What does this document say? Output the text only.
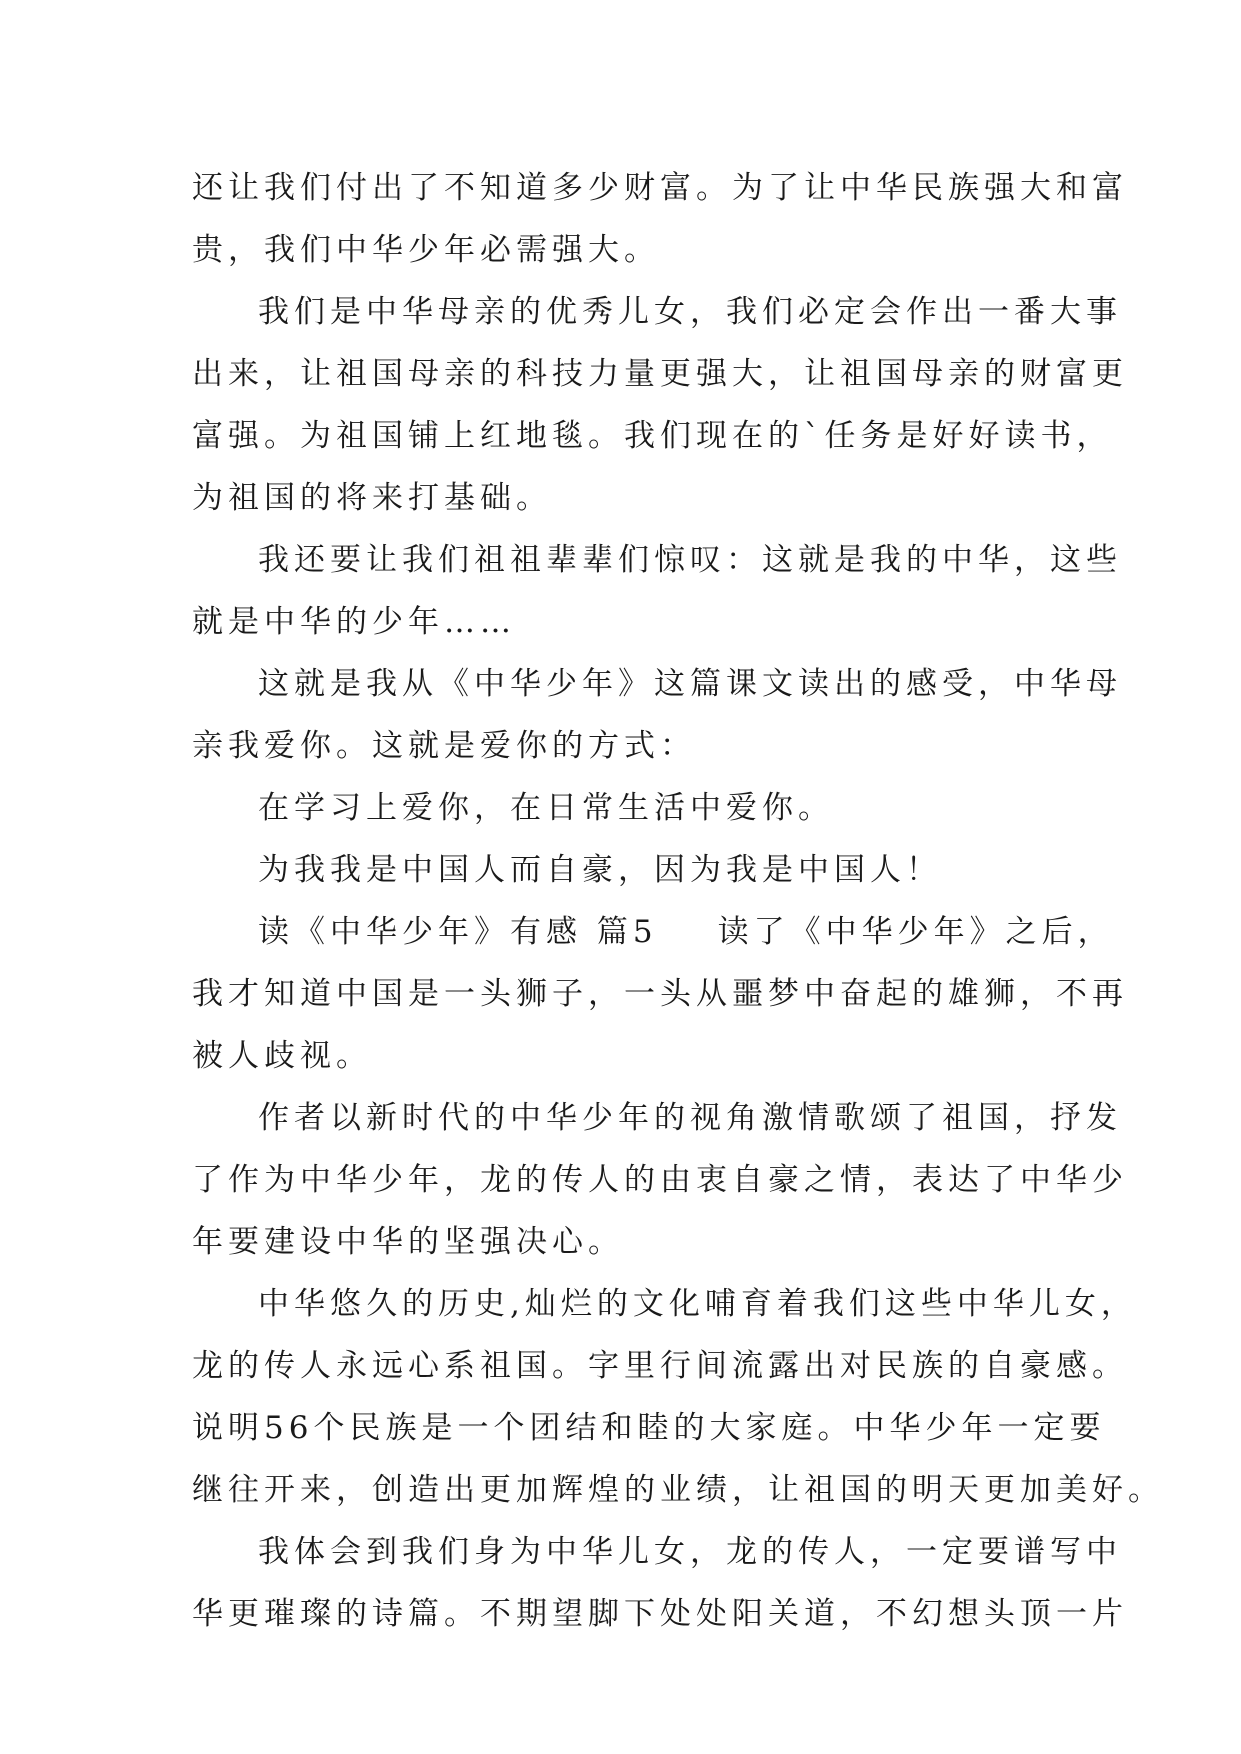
还让我们付出了不知道多少财富。为了让中华民族强大和富
贵，我们中华少年必需强大。
我们是中华母亲的优秀儿女，我们必定会作出一番大事
出来，让祖国母亲的科技力量更强大，让祖国母亲的财富更
富强。为祖国铺上红地毯。我们现在的`任务是好好读书，
为祖国的将来打基础。
我还要让我们祖祖辈辈们惊叹：这就是我的中华，这些
就是中华的少年……
这就是我从《中华少年》这篇课文读出的感受，中华母
亲我爱你。这就是爱你的方式：
在学习上爱你，在日常生活中爱你。
为我我是中国人而自豪，因为我是中国人！
读《中华少年》有感 篇5 读了《中华少年》之后，
我才知道中国是一头狮子，一头从噩梦中奋起的雄狮，不再
被人歧视。
作者以新时代的中华少年的视角激情歌颂了祖国，抒发
了作为中华少年，龙的传人的由衷自豪之情，表达了中华少
年要建设中华的坚强决心。
中华悠久的历史,灿烂的文化哺育着我们这些中华儿女，
龙的传人永远心系祖国。字里行间流露出对民族的自豪感。
说明56个民族是一个团结和睦的大家庭。中华少年一定要
继往开来，创造出更加辉煌的业绩，让祖国的明天更加美好。
我体会到我们身为中华儿女，龙的传人，一定要谱写中
华更璀璨的诗篇。不期望脚下处处阳关道，不幻想头顶一片
